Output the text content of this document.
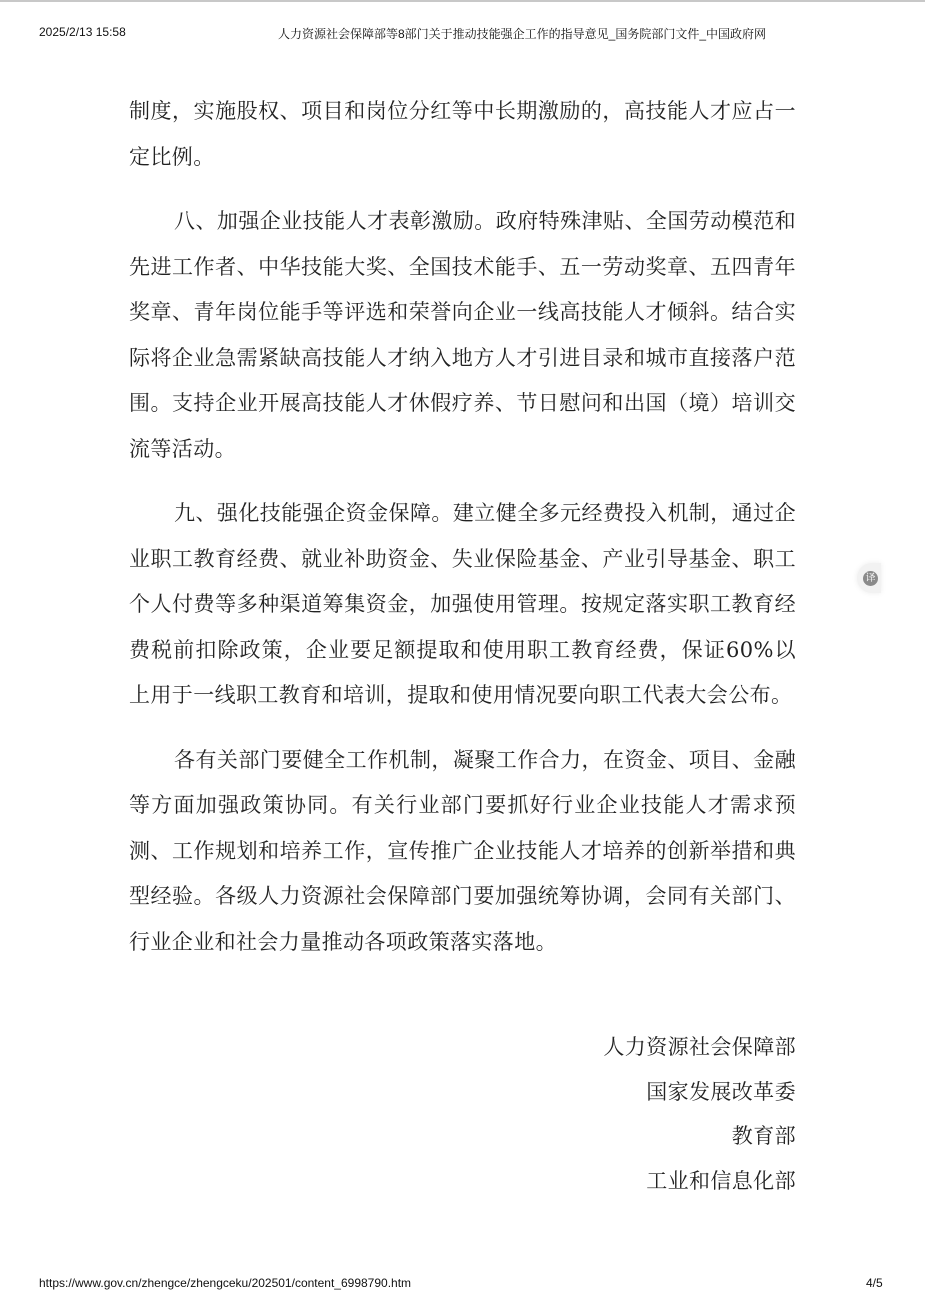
2025/2/13 15:58	人力资源社会保障部等8部门关于推动技能强企工作的指导意见_国务院部门文件_中国政府网

制度，实施股权、项目和岗位分红等中长期激励的，高技能人才应占一定比例。

八、加强企业技能人才表彰激励。政府特殊津贴、全国劳动模范和先进工作者、中华技能大奖、全国技术能手、五一劳动奖章、五四青年奖章、青年岗位能手等评选和荣誉向企业一线高技能人才倾斜。结合实际将企业急需紧缺高技能人才纳入地方人才引进目录和城市直接落户范围。支持企业开展高技能人才休假疗养、节日慰问和出国（境）培训交流等活动。

九、强化技能强企资金保障。建立健全多元经费投入机制，通过企业职工教育经费、就业补助资金、失业保险基金、产业引导基金、职工个人付费等多种渠道筹集资金，加强使用管理。按规定落实职工教育经费税前扣除政策，企业要足额提取和使用职工教育经费，保证60%以上用于一线职工教育和培训，提取和使用情况要向职工代表大会公布。

各有关部门要健全工作机制，凝聚工作合力，在资金、项目、金融等方面加强政策协同。有关行业部门要抓好行业企业技能人才需求预测、工作规划和培养工作，宣传推广企业技能人才培养的创新举措和典型经验。各级人力资源社会保障部门要加强统筹协调，会同有关部门、行业企业和社会力量推动各项政策落实落地。

人力资源社会保障部
国家发展改革委
教育部
工业和信息化部
译
https://www.gov.cn/zhengce/zhengceku/202501/content_6998790.htm	4/5
